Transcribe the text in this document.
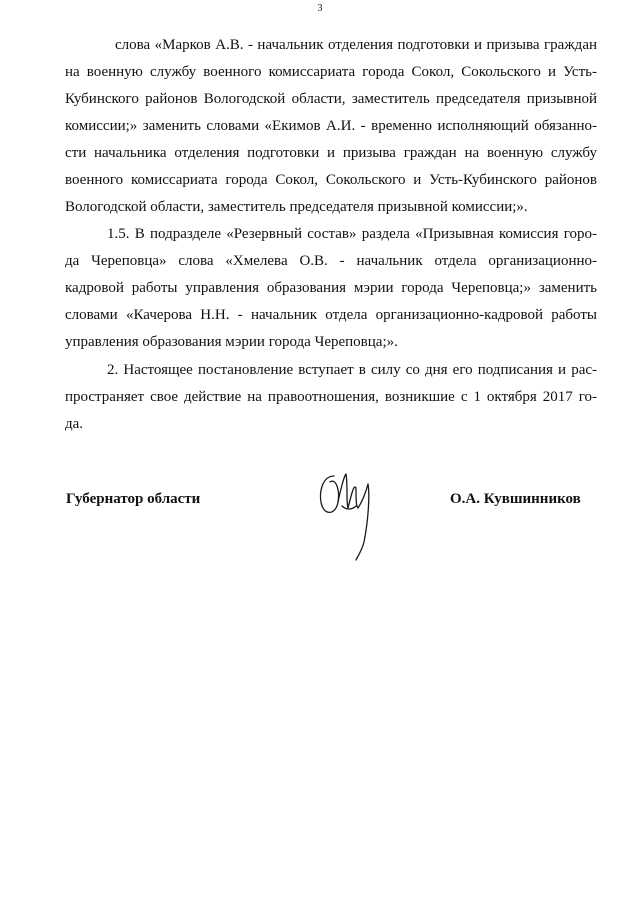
3
слова «Марков А.В. - начальник отделения подготовки и призыва граждан
на военную службу военного комиссариата города Сокол, Сокольского и Усть-
Кубинского районов Вологодской области, заместитель председателя призывной
комиссии;» заменить словами «Екимов А.И. - временно исполняющий обязанно-
сти начальника отделения подготовки и призыва граждан на военную службу
военного комиссариата города Сокол, Сокольского и Усть-Кубинского районов
Вологодской области, заместитель председателя призывной комиссии;».
1.5. В подразделе «Резервный состав» раздела «Призывная комиссия горо-
да Череповца» слова «Хмелева О.В. - начальник отдела организационно-
кадровой работы управления образования мэрии города Череповца;» заменить
словами «Качерова Н.Н. - начальник отдела организационно-кадровой работы
управления образования мэрии города Череповца;».
2. Настоящее постановление вступает в силу со дня его подписания и рас-
пространяет свое действие на правоотношения, возникшие с 1 октября 2017 го-
да.
Губернатор области	О.А. Кувшинников
